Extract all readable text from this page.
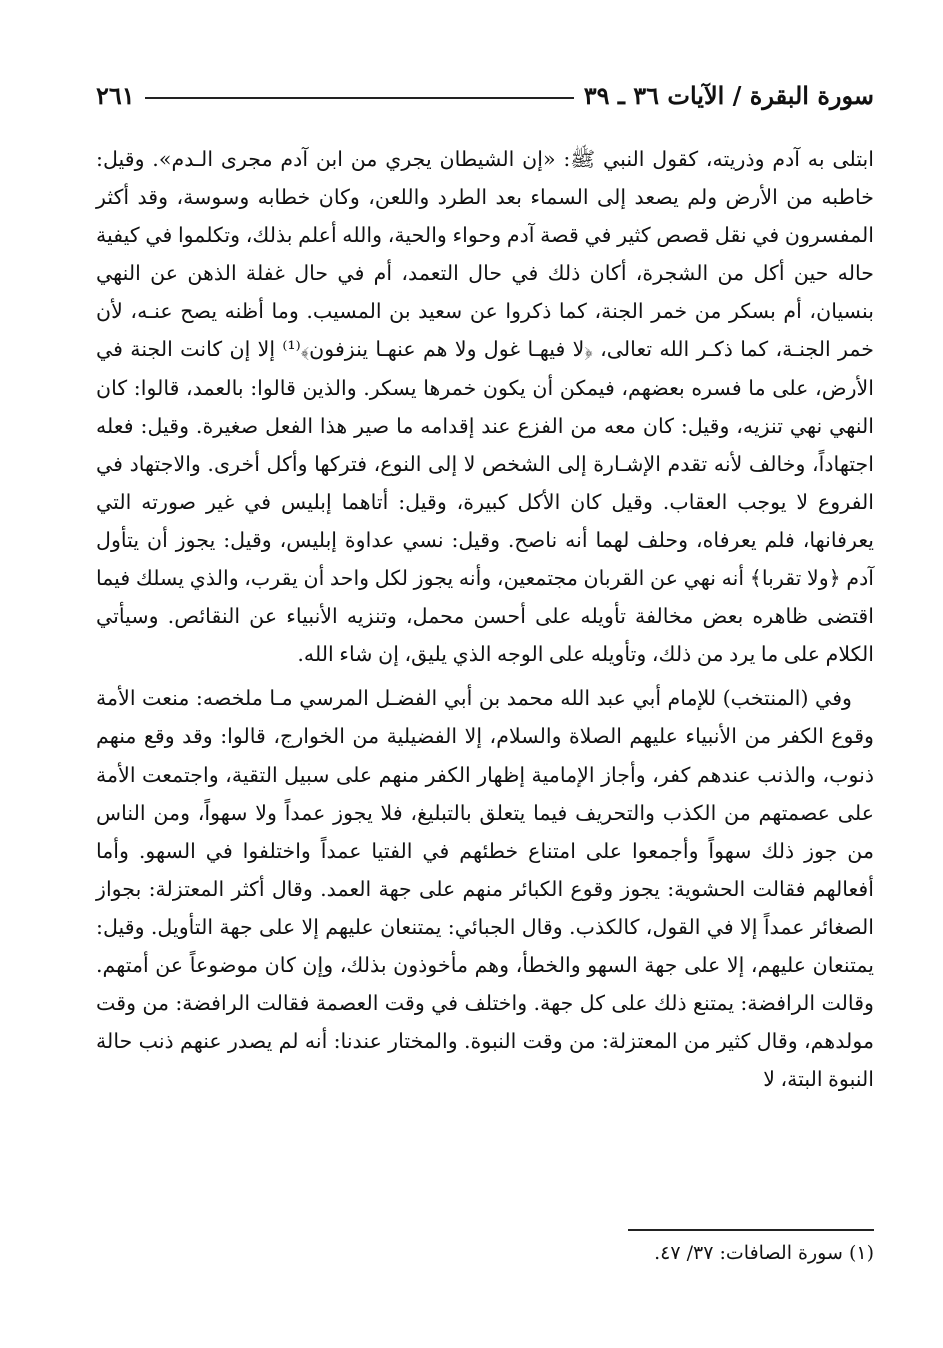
سورة البقرة / الآيات ٣٦ ـ ٣٩
٢٦١

ابتلى به آدم وذريته، كقول النبي ﷺ: «إن الشيطان يجري من ابن آدم مجرى الـدم». وقيل: خاطبه من الأرض ولم يصعد إلى السماء بعد الطرد واللعن، وكان خطابه وسوسة، وقد أكثر المفسرون في نقل قصص كثير في قصة آدم وحواء والحية، والله أعلم بذلك، وتكلموا في كيفية حاله حين أكل من الشجرة، أكان ذلك في حال التعمد، أم في حال غفلة الذهن عن النهي بنسيان، أم بسكر من خمر الجنة، كما ذكروا عن سعيد بن المسيب. وما أظنه يصح عنـه، لأن خمر الجنـة، كما ذكـر الله تعالى، ﴿لا فيهـا غول ولا هم عنهـا ينزفون﴾⁽¹⁾ إلا إن كانت الجنة في الأرض، على ما فسره بعضهم، فيمكن أن يكون خمرها يسكر. والذين قالوا: بالعمد، قالوا: كان النهي نهي تنزيه، وقيل: كان معه من الفزع عند إقدامه ما صير هذا الفعل صغيرة. وقيل: فعله اجتهاداً، وخالف لأنه تقدم الإشـارة إلى الشخص لا إلى النوع، فتركها وأكل أخرى. والاجتهاد في الفروع لا يوجب العقاب. وقيل كان الأكل كبيرة، وقيل: أتاهما إبليس في غير صورته التي يعرفانها، فلم يعرفاه، وحلف لهما أنه ناصح. وقيل: نسي عداوة إبليس، وقيل: يجوز أن يتأول آدم ﴿ولا تقربا﴾ أنه نهي عن القربان مجتمعين، وأنه يجوز لكل واحد أن يقرب، والذي يسلك فيما اقتضى ظاهره بعض مخالفة تأويله على أحسن محمل، وتنزيه الأنبياء عن النقائص. وسيأتي الكلام على ما يرد من ذلك، وتأويله على الوجه الذي يليق، إن شاء الله.

وفي (المنتخب) للإمام أبي عبد الله محمد بن أبي الفضـل المرسي مـا ملخصه: منعت الأمة وقوع الكفر من الأنبياء عليهم الصلاة والسلام، إلا الفضيلية من الخوارج، قالوا: وقد وقع منهم ذنوب، والذنب عندهم كفر، وأجاز الإمامية إظهار الكفر منهم على سبيل التقية، واجتمعت الأمة على عصمتهم من الكذب والتحريف فيما يتعلق بالتبليغ، فلا يجوز عمداً ولا سهواً، ومن الناس من جوز ذلك سهواً وأجمعوا على امتناع خطئهم في الفتيا عمداً واختلفوا في السهو. وأما أفعالهم فقالت الحشوية: يجوز وقوع الكبائر منهم على جهة العمد. وقال أكثر المعتزلة: بجواز الصغائر عمداً إلا في القول، كالكذب. وقال الجبائي: يمتنعان عليهم إلا على جهة التأويل. وقيل: يمتنعان عليهم، إلا على جهة السهو والخطأ، وهم مأخوذون بذلك، وإن كان موضوعاً عن أمتهم. وقالت الرافضة: يمتنع ذلك على كل جهة. واختلف في وقت العصمة فقالت الرافضة: من وقت مولدهم، وقال كثير من المعتزلة: من وقت النبوة. والمختار عندنا: أنه لم يصدر عنهم ذنب حالة النبوة البتة، لا

(١) سورة الصافات: ٣٧/ ٤٧.
